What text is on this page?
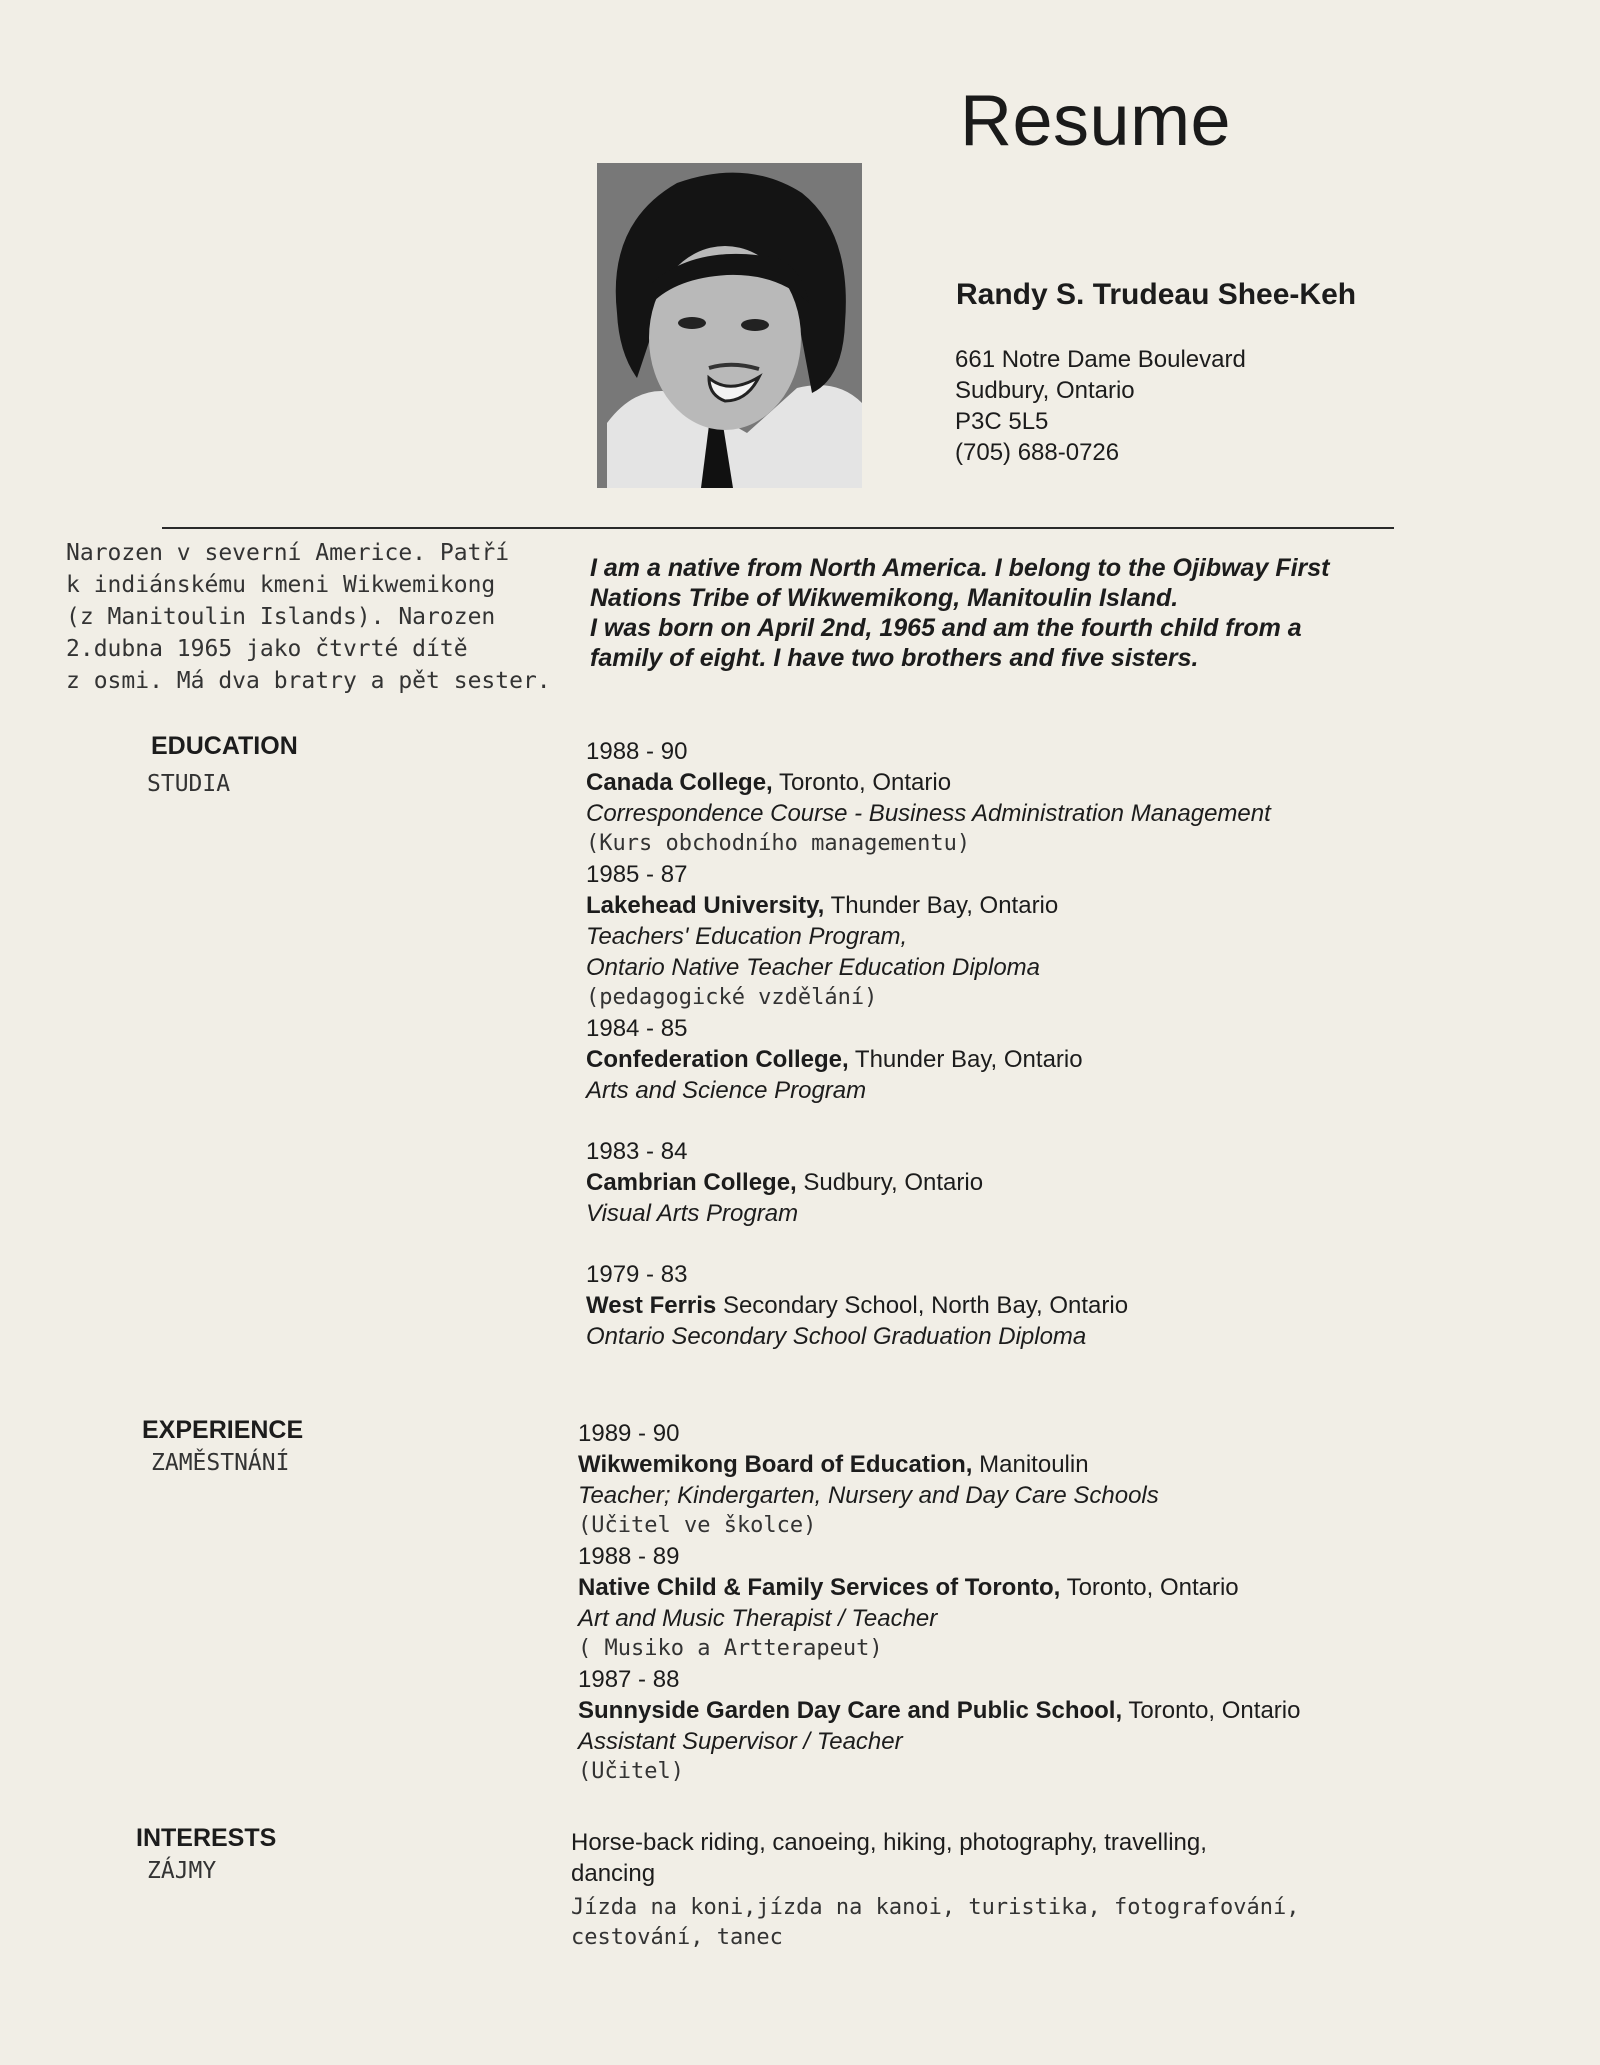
Resume
Randy S. Trudeau Shee-Keh
661 Notre Dame Boulevard
Sudbury, Ontario
P3C 5L5
(705) 688-0726
Narozen v severní Americe. Patří
k indiánskému kmeni Wikwemikong
(z Manitoulin Islands). Narozen
2.dubna 1965 jako čtvrté dítě
z osmi. Má dva bratry a pět sester.
I am a native from North America. I belong to the Ojibway First
Nations Tribe of Wikwemikong, Manitoulin Island.
I was born on April 2nd, 1965 and am the fourth child from a
family of eight. I have two brothers and five sisters.
EDUCATION
STUDIA
1988 - 90
Canada College, Toronto, Ontario
Correspondence Course - Business Administration Management
(Kurs obchodního managementu)
1985 - 87
Lakehead University, Thunder Bay, Ontario
Teachers' Education Program,
Ontario Native Teacher Education Diploma
(pedagogické vzdělání)
1984 - 85
Confederation College, Thunder Bay, Ontario
Arts and Science Program
1983 - 84
Cambrian College, Sudbury, Ontario
Visual Arts Program
1979 - 83
West Ferris Secondary School, North Bay, Ontario
Ontario Secondary School Graduation Diploma
EXPERIENCE
ZAMĚSTNÁNÍ
1989 - 90
Wikwemikong Board of Education, Manitoulin
Teacher; Kindergarten, Nursery and Day Care Schools
(Učitel ve školce)
1988 - 89
Native Child & Family Services of Toronto, Toronto, Ontario
Art and Music Therapist / Teacher
( Musiko a Artterapeut)
1987 - 88
Sunnyside Garden Day Care and Public School, Toronto, Ontario
Assistant Supervisor / Teacher
(Učitel)
INTERESTS
ZÁJMY
Horse-back riding, canoeing, hiking, photography, travelling,
dancing
Jízda na koni,jízda na kanoi, turistika, fotografování,
cestování, tanec
